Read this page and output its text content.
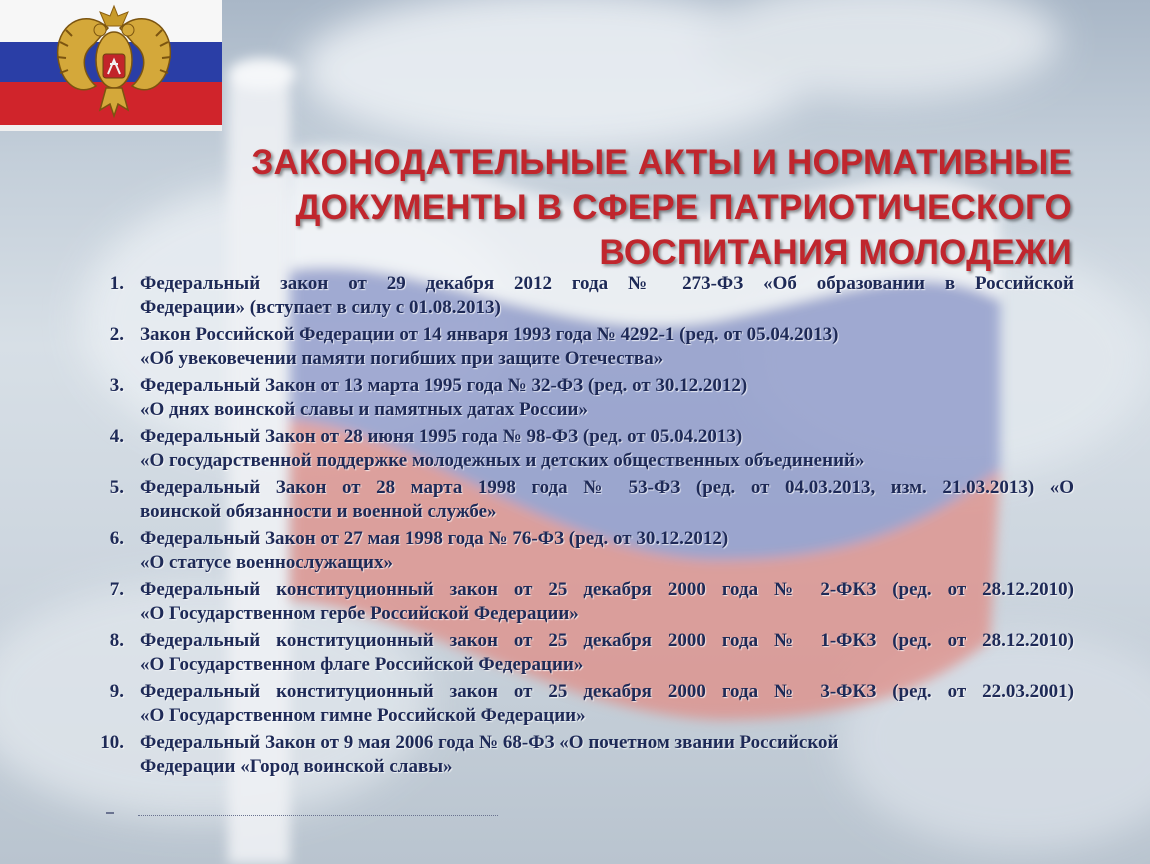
ЗАКОНОДАТЕЛЬНЫЕ АКТЫ И НОРМАТИВНЫЕ
ДОКУМЕНТЫ В СФЕРЕ ПАТРИОТИЧЕСКОГО
ВОСПИТАНИЯ МОЛОДЕЖИ
1. Федеральный закон от 29 декабря 2012 года № 273-ФЗ «Об образовании в Российской
Федерации» (вступает в силу с 01.08.2013)
2. Закон Российской Федерации от 14 января 1993 года № 4292-1 (ред. от 05.04.2013)
«Об увековечении памяти погибших при защите Отечества»
3. Федеральный Закон от 13 марта 1995 года № 32-ФЗ (ред. от 30.12.2012)
«О днях воинской славы и памятных датах России»
4. Федеральный Закон от 28 июня 1995 года № 98-ФЗ (ред. от 05.04.2013)
«О государственной поддержке молодежных и детских общественных объединений»
5. Федеральный Закон от 28 марта 1998 года № 53-ФЗ (ред. от 04.03.2013, изм. 21.03.2013) «О
воинской обязанности и военной службе»
6. Федеральный Закон от 27 мая 1998 года № 76-ФЗ (ред. от 30.12.2012)
«О статусе военнослужащих»
7. Федеральный конституционный закон от 25 декабря 2000 года № 2-ФКЗ (ред. от 28.12.2010)
«О Государственном гербе Российской Федерации»
8. Федеральный конституционный закон от 25 декабря 2000 года № 1-ФКЗ (ред. от 28.12.2010)
«О Государственном флаге Российской Федерации»
9. Федеральный конституционный закон от 25 декабря 2000 года № 3-ФКЗ (ред. от 22.03.2001)
«О Государственном гимне Российской Федерации»
10. Федеральный Закон от 9 мая 2006 года № 68-ФЗ «О почетном звании Российской
Федерации «Город воинской славы»
